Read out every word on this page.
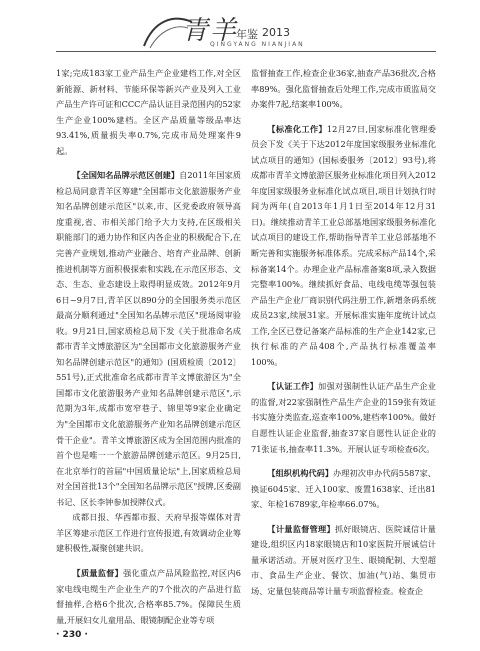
青羊
年鉴 2013
QINGYANG NIANJIAN

1家;完成183家工业产品生产企业建档工作,对全区新能源、新材料、节能环保等新兴产业及列入工业产品生产许可证和CCC产品认证目录范围内的52家生产企业100%建档。全区产品质量等级品率达93.41%,质量损失率0.7%,完成市局处理案件9起。

【全国知名品牌示范区创建】自2011年国家质检总局同意青羊区筹建"全国都市文化旅游服务产业知名品牌创建示范区"以来,市、区党委政府领导高度重视,省、市相关部门给予大力支持,在区级相关职能部门的通力协作和区内各企业的积极配合下,在完善产业规划,推动产业融合、培育产业品牌、创新推进机制等方面积极探索和实践,在示范区形态、文态、生态、业态建设上取得明显成效。2012年9月6日~9月7日,青羊区以890分的全国服务类示范区最高分顺利通过"全国知名品牌示范区"现场阅审验收。9月21日,国家质检总局下发《关于批准命名成都市青羊文博旅游区为"全国都市文化旅游服务产业知名品牌创建示范区"的通知》(国质检质〔2012〕551号),正式批准命名成都市青羊文博旅游区为"全国都市文化旅游服务产业知名品牌创建示范区",示范期为3年,成都市宽窄巷子、锦里等9家企业确定为"全国都市文化旅游服务产业知名品牌创建示范区骨干企业"。青羊文博旅游区成为全国范围内批准的首个也是唯一一个旅游品牌创建示范区。9月25日,在北京举行的首届"中国质量论坛"上,国家质检总局对全国首批13个"全国知名品牌示范区"授牌,区委副书记、区长李钟参加授牌仪式。

成都日报、华西都市报、天府早报等媒体对青羊区筹建示范区工作进行宣传报道,有效调动企业筹建积极性,凝聚创建共识。

【质量监督】强化重点产品风险监控,对区内6家电线电缆生产企业生产的7个批次的产品进行监督抽样,合格6个批次,合格率85.7%。保障民生质量,开展妇女儿童用品、眼镜制配企业等专项

监督抽查工作,检查企业36家,抽查产品36批次,合格率89%。强化监督抽查后处理工作,完成市质监局交办案件7起,结案率100%。

【标准化工作】12月27日,国家标准化管理委员会下发《关于下达2012年度国家级服务业标准化试点项目的通知》(国标委服务〔2012〕93号),将成都市青羊文博旅游区服务业标准化项目列入2012年度国家级服务业标准化试点项目,项目计划执行时间为两年(自2013年1月1日至2014年12月31日)。继续推动青羊工业总部基地国家级服务标准化试点项目的建设工作,帮助指导青羊工业总部基地不断完善和实施服务标准体系。完成采标产品14个,采标备案14个。办理企业产品标准备案8项,录入数据完整率100%。继续抓好食品、电线电缆等强包装产品生产企业厂商识别代码注册工作,新增条码系统成员23家,续展31家。开展标准实施年度统计试点工作,全区已登记备案产品标准的生产企业142家,已执行标准的产品408个,产品执行标准覆盖率100%。

【认证工作】加强对强制性认证产品生产企业的监督,对22家强制性产品生产企业的159张有效证书实施分类监查,巡查率100%,建档率100%。做好自愿性认证企业监督,抽查37家自愿性认证企业的71张证书,抽查率11.3%。开展认证专项检查6次。

【组织机构代码】办理初次申办代码5587家、换证6045家、迁入100家、废置1638家、迁出81家、年检16789家,年检率66.07%。

【计量监督管理】抓好眼镜店、医院诚信计量建设,组织区内18家眼镜店和10家医院开展诚信计量承诺活动。开展对医疗卫生、眼镜配制、大型超市、食品生产企业、餐饮、加油(气)站、集贸市场、定量包装商品等计量专项监督检查。检查企

· 230 ·
